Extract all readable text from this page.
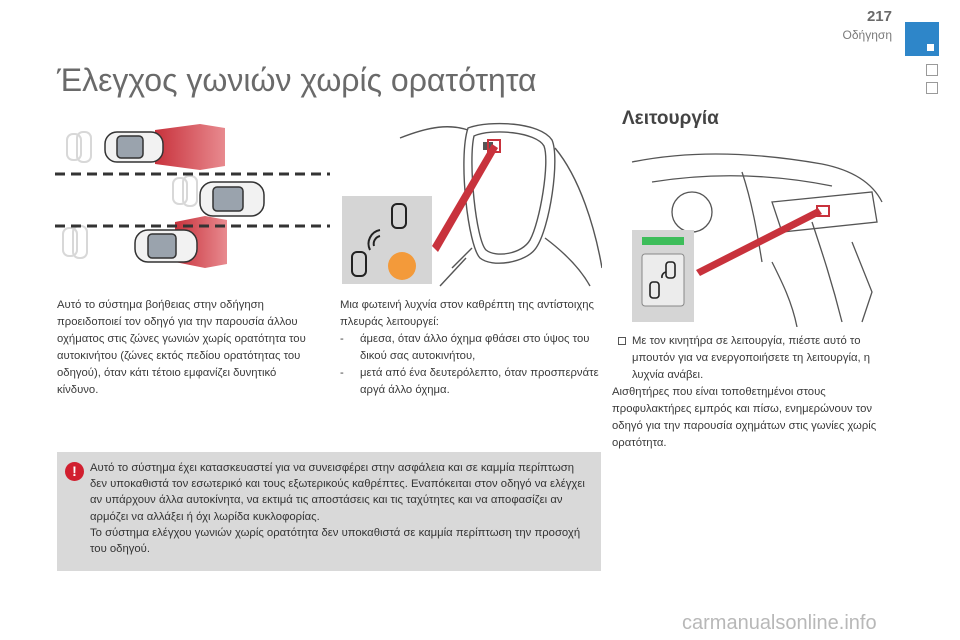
217
Οδήγηση
Έλεγχος γωνιών χωρίς ορατότητα
Λειτουργία
Αυτό το σύστημα βοήθειας στην οδήγηση προειδοποιεί τον οδηγό για την παρουσία άλλου οχήματος στις ζώνες γωνιών χωρίς ορατότητα του αυτοκινήτου (ζώνες εκτός πεδίου ορατότητας του οδηγού), όταν κάτι τέτοιο εμφανίζει δυνητικό κίνδυνο.
Μια φωτεινή λυχνία στον καθρέπτη της αντίστοιχης πλευράς λειτουργεί:
- άμεσα, όταν άλλο όχημα φθάσει στο ύψος του δικού σας αυτοκινήτου,
- μετά από ένα δευτερόλεπτο, όταν προσπερνάτε αργά άλλο όχημα.
Με τον κινητήρα σε λειτουργία, πιέστε αυτό το μπουτόν για να ενεργοποιήσετε τη λειτουργία, η λυχνία ανάβει.
Αισθητήρες που είναι τοποθετημένοι στους προφυλακτήρες εμπρός και πίσω, ενημερώνουν τον οδηγό για την παρουσία οχημάτων στις γωνίες χωρίς ορατότητα.
!	Αυτό το σύστημα έχει κατασκευαστεί για να συνεισφέρει στην ασφάλεια και σε καμμία περίπτωση δεν υποκαθιστά τον εσωτερικό και τους εξωτερικούς καθρέπτες. Εναπόκειται στον οδηγό να ελέγχει αν υπάρχουν άλλα αυτοκίνητα, να εκτιμά τις αποστάσεις και τις ταχύτητες και να αποφασίζει αν αρμόζει να αλλάξει ή όχι λωρίδα κυκλοφορίας.
Το σύστημα ελέγχου γωνιών χωρίς ορατότητα δεν υποκαθιστά σε καμμία περίπτωση την προσοχή του οδηγού.
carmanualsonline.info
